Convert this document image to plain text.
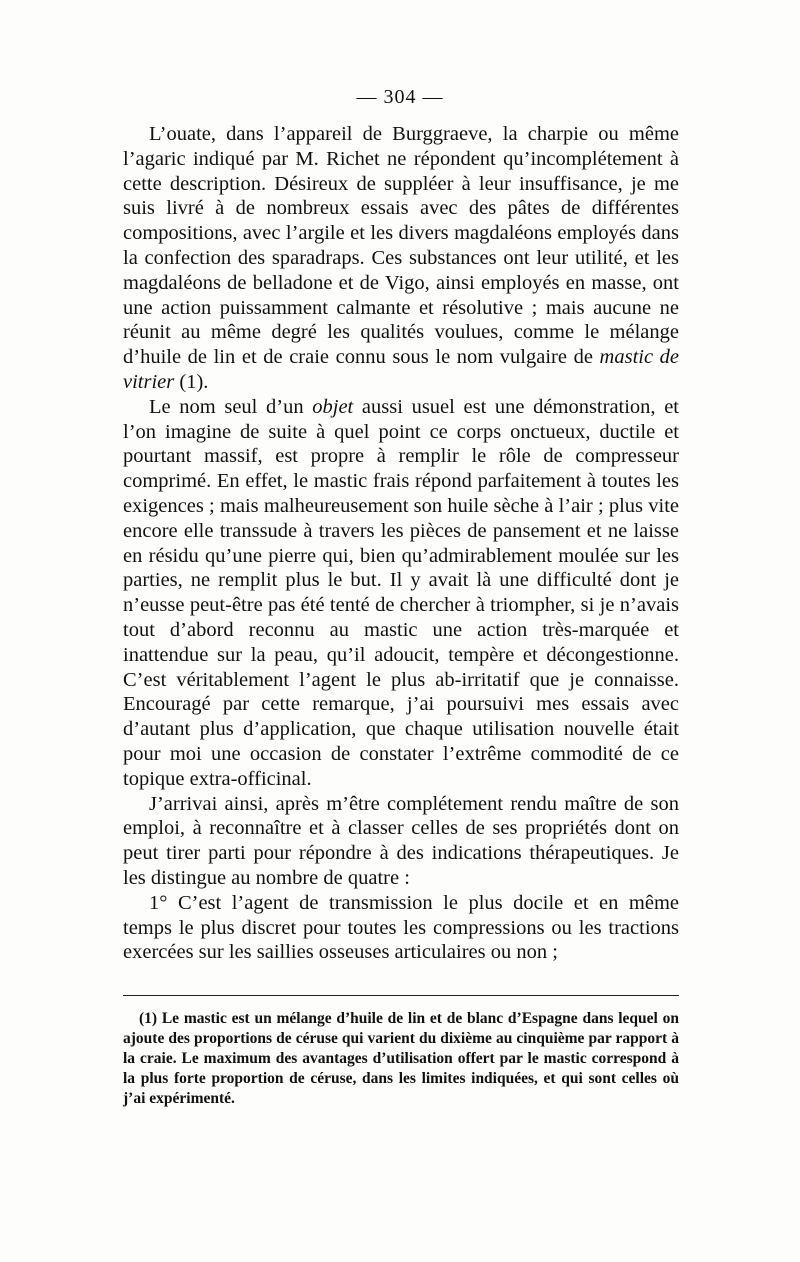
— 304 —

L’ouate, dans l’appareil de Burggraeve, la charpie ou même l’agaric indiqué par M. Richet ne répondent qu’incomplétement à cette description. Désireux de suppléer à leur insuffisance, je me suis livré à de nombreux essais avec des pâtes de différentes compositions, avec l’argile et les divers magdaléons employés dans la confection des sparadraps. Ces substances ont leur utilité, et les magdaléons de belladone et de Vigo, ainsi employés en masse, ont une action puissamment calmante et résolutive ; mais aucune ne réunit au même degré les qualités voulues, comme le mélange d’huile de lin et de craie connu sous le nom vulgaire de mastic de vitrier (1).

Le nom seul d’un objet aussi usuel est une démonstration, et l’on imagine de suite à quel point ce corps onctueux, ductile et pourtant massif, est propre à remplir le rôle de compresseur comprimé. En effet, le mastic frais répond parfaitement à toutes les exigences ; mais malheureusement son huile sèche à l’air ; plus vite encore elle transsude à travers les pièces de pansement et ne laisse en résidu qu’une pierre qui, bien qu’admirablement moulée sur les parties, ne remplit plus le but. Il y avait là une difficulté dont je n’eusse peut-être pas été tenté de chercher à triompher, si je n’avais tout d’abord reconnu au mastic une action très-marquée et inattendue sur la peau, qu’il adoucit, tempère et décongestionne. C’est véritablement l’agent le plus ab-irritatif que je connaisse. Encouragé par cette remarque, j’ai poursuivi mes essais avec d’autant plus d’application, que chaque utilisation nouvelle était pour moi une occasion de constater l’extrême commodité de ce topique extra-officinal.

J’arrivai ainsi, après m’être complétement rendu maître de son emploi, à reconnaître et à classer celles de ses propriétés dont on peut tirer parti pour répondre à des indications thérapeutiques. Je les distingue au nombre de quatre :

1° C’est l’agent de transmission le plus docile et en même temps le plus discret pour toutes les compressions ou les tractions exercées sur les saillies osseuses articulaires ou non ;

(1) Le mastic est un mélange d’huile de lin et de blanc d’Espagne dans lequel on ajoute des proportions de céruse qui varient du dixième au cinquième par rapport à la craie. Le maximum des avantages d’utilisation offert par le mastic correspond à la plus forte proportion de céruse, dans les limites indiquées, et qui sont celles où j’ai expérimenté.
